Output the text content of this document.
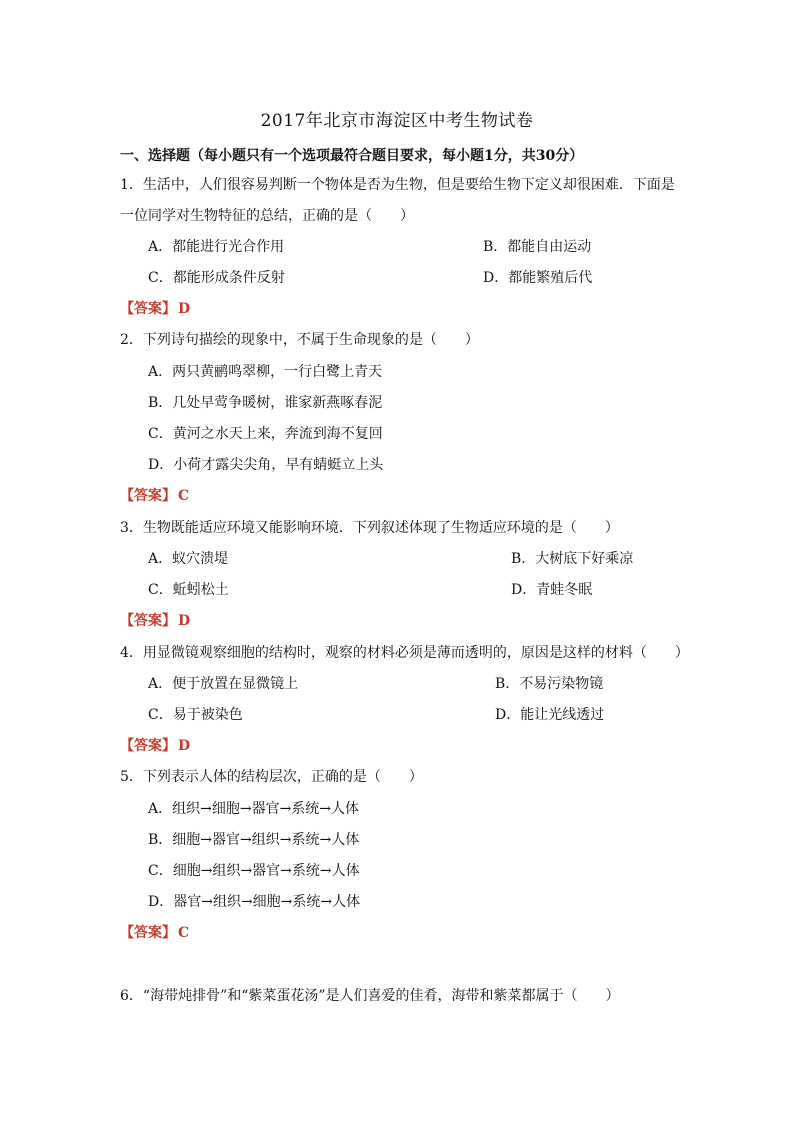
2017年北京市海淀区中考生物试卷
一、选择题（每小题只有一个选项最符合题目要求，每小题1分，共30分）
1．生活中，人们很容易判断一个物体是否为生物，但是要给生物下定义却很困难．下面是
一位同学对生物特征的总结，正确的是（　　）
A．都能进行光合作用	B．都能自由运动
C．都能形成条件反射	D．都能繁殖后代
【答案】 D
2．下列诗句描绘的现象中，不属于生命现象的是（　　）
A．两只黄鹂鸣翠柳，一行白鹭上青天
B．几处早莺争暖树，谁家新燕啄春泥
C．黄河之水天上来，奔流到海不复回
D．小荷才露尖尖角，早有蜻蜓立上头
【答案】 C
3．生物既能适应环境又能影响环境．下列叙述体现了生物适应环境的是（　　）
A．蚁穴溃堤	B．大树底下好乘凉
C．蚯蚓松土	D．青蛙冬眠
【答案】 D
4．用显微镜观察细胞的结构时，观察的材料必须是薄而透明的，原因是这样的材料（　　）
A．便于放置在显微镜上	B．不易污染物镜
C．易于被染色	D．能让光线透过
【答案】 D
5．下列表示人体的结构层次，正确的是（　　）
A．组织→细胞→器官→系统→人体
B．细胞→器官→组织→系统→人体
C．细胞→组织→器官→系统→人体
D．器官→组织→细胞→系统→人体
【答案】 C
6．“海带炖排骨”和“紫菜蛋花汤”是人们喜爱的佳肴，海带和紫菜都属于（　　）
